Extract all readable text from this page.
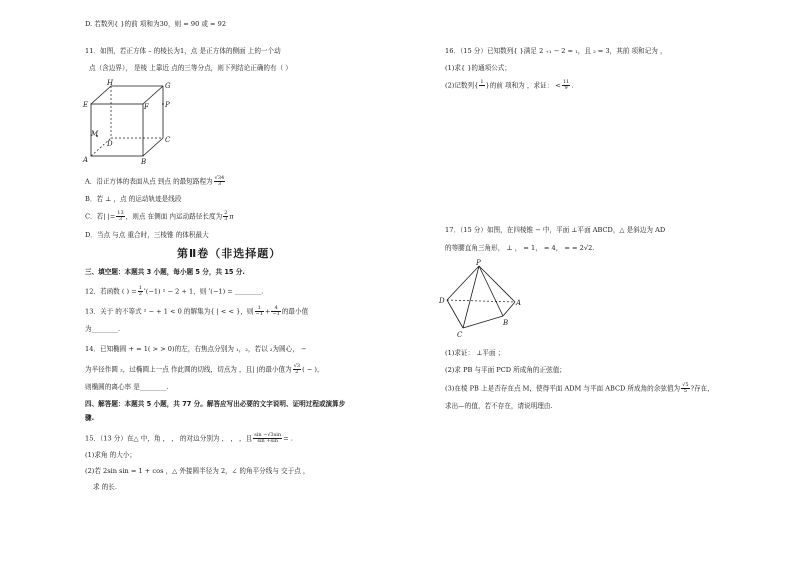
D. 若数列{ }的前 项和为30，则 = 90 或 = 92
11．如图，若正方体 – 的棱长为1，点 是正方体的侧面 上的一个动
点（含边界）， 是棱 上靠近 点的三等分点，则下列结论正确的有（ ）
H	G
E	F P
M
D	C
A	B
A．沿正方体的表面从点 到点 的最短路程为 $\frac{√34}{3}$
B．若 ⊥ ，点 的运动轨迹是线段
C．若| |= $\frac{13}{3}$ ，则点 在侧面 内运动路径长度为 $\frac{2}{3}$ π
D．当点 与点 重合时，三棱锥 的体积最大
第Ⅱ卷（非选择题）
三、填空题：本题共 3 小题，每小题 5 分，共 15 分.
12．若函数 ( ) = $\frac{1}{2}$ ʹ(−1) ² − 2 + 1，则 ʹ(−1) = ________.
13．关于 的不等式 ² − + 1 < 0 的解集为{ | < < }，则 $\frac{1}{-1} + \frac{4}{-1}$ 的最小值
为________.
14．已知椭圆 + = 1( > > 0)的左，右焦点分别为 ₁，₂，若以 ₂为圆心， −
为半径作圆 ₂，过椭圆上一点 作此圆的切线，切点为 ，且| |的最小值为 $\frac{√3}{2}$ ( − )，
则椭圆的离心率 是________.
四、解答题：本题共 5 小题，共 77 分。解答应写出必要的文字说明、证明过程或演算步
骤.
15．（13 分）在△ 中，角 ， ， 的对边分别为 ， ， ，且 $\frac{\sin -√3\sin}{\sin +\sin}$ = .
(1)求角 的大小；
(2)若 2sin sin = 1 + cos ，△ 外接圆半径为 2，∠ 的角平分线与 交于点 ，
求 的长.
16．（15 分）已知数列{ }满足 2 ₊₁ − 2 = ₁，且 ₂ = 3，其前 项和记为 ，
(1)求{ }的通项公式；
(2)记数列{ 1
}的前 项和为 ，求证： < $\frac{11}{9}$ .
17．（15 分）如图，在四棱锥 − 中，平面 ⊥平面 ABCD，△ 是斜边为 AD
的等腰直角三角形， ⊥ ， = 1， = 4， = = 2√2.
P
D	A
C
B
(1)求证： ⊥平面 ；
(2)求 PB 与平面 PCD 所成角的正弦值；
(3)在棱 PB 上是否存在点 M，使得平面 ADM 与平面 ABCD 所成角的余弦值为 $\frac{√5}{5}$ ?存在，
求出—的值，若不存在，请说明理由.
